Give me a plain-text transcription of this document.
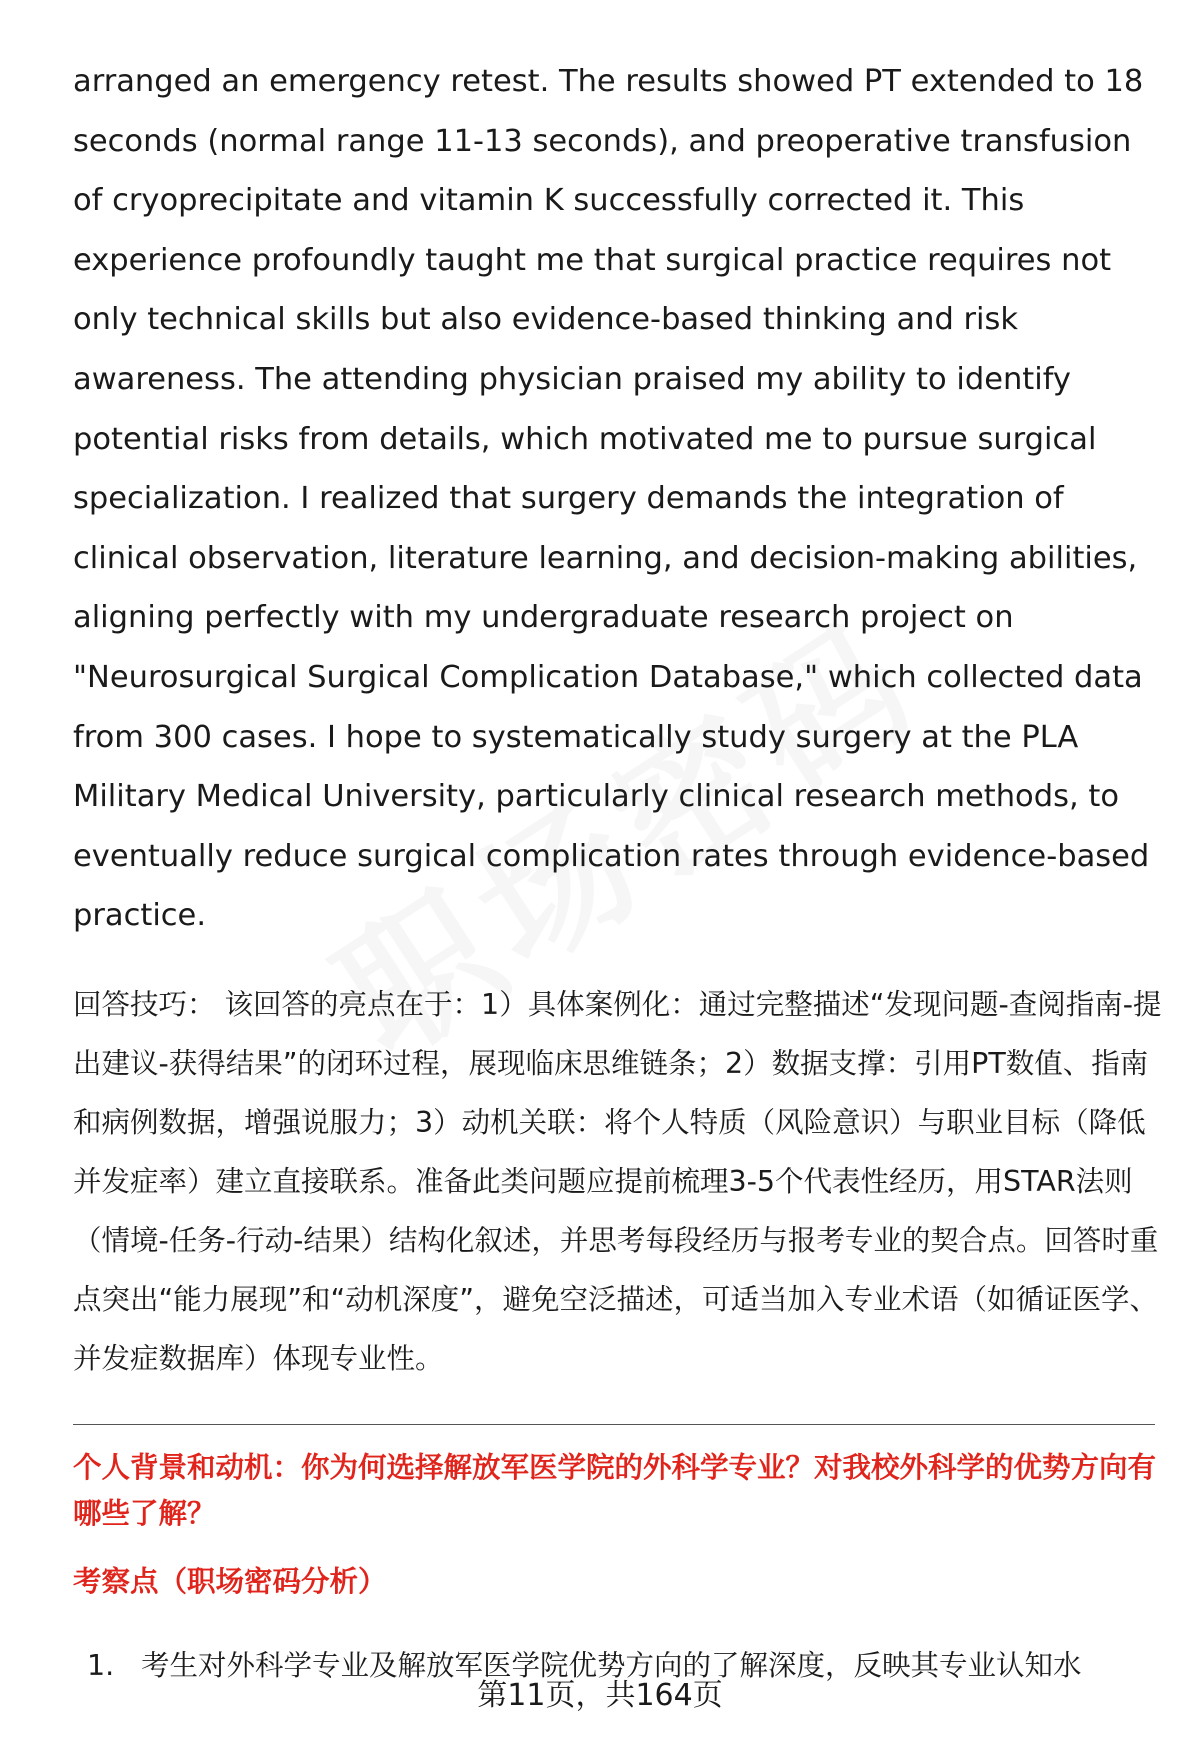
arranged an emergency retest. The results showed PT extended to 18 seconds (normal range 11-13 seconds), and preoperative transfusion of cryoprecipitate and vitamin K successfully corrected it. This experience profoundly taught me that surgical practice requires not only technical skills but also evidence-based thinking and risk awareness. The attending physician praised my ability to identify potential risks from details, which motivated me to pursue surgical specialization. I realized that surgery demands the integration of clinical observation, literature learning, and decision-making abilities, aligning perfectly with my undergraduate research project on "Neurosurgical Surgical Complication Database," which collected data from 300 cases. I hope to systematically study surgery at the PLA Military Medical University, particularly clinical research methods, to eventually reduce surgical complication rates through evidence-based practice.

回答技巧： 该回答的亮点在于：1）具体案例化：通过完整描述“发现问题-查阅指南-提出建议-获得结果”的闭环过程，展现临床思维链条；2）数据支撑：引用PT数值、指南和病例数据，增强说服力；3）动机关联：将个人特质（风险意识）与职业目标（降低并发症率）建立直接联系。准备此类问题应提前梳理3-5个代表性经历，用STAR法则（情境-任务-行动-结果）结构化叙述，并思考每段经历与报考专业的契合点。回答时重点突出“能力展现”和“动机深度”，避免空泛描述，可适当加入专业术语（如循证医学、并发症数据库）体现专业性。

个人背景和动机：你为何选择解放军医学院的外科学专业？对我校外科学的优势方向有哪些了解？

考察点（职场密码分析）

1. 考生对外科学专业及解放军医学院优势方向的了解深度，反映其专业认知水
第11页，共164页
